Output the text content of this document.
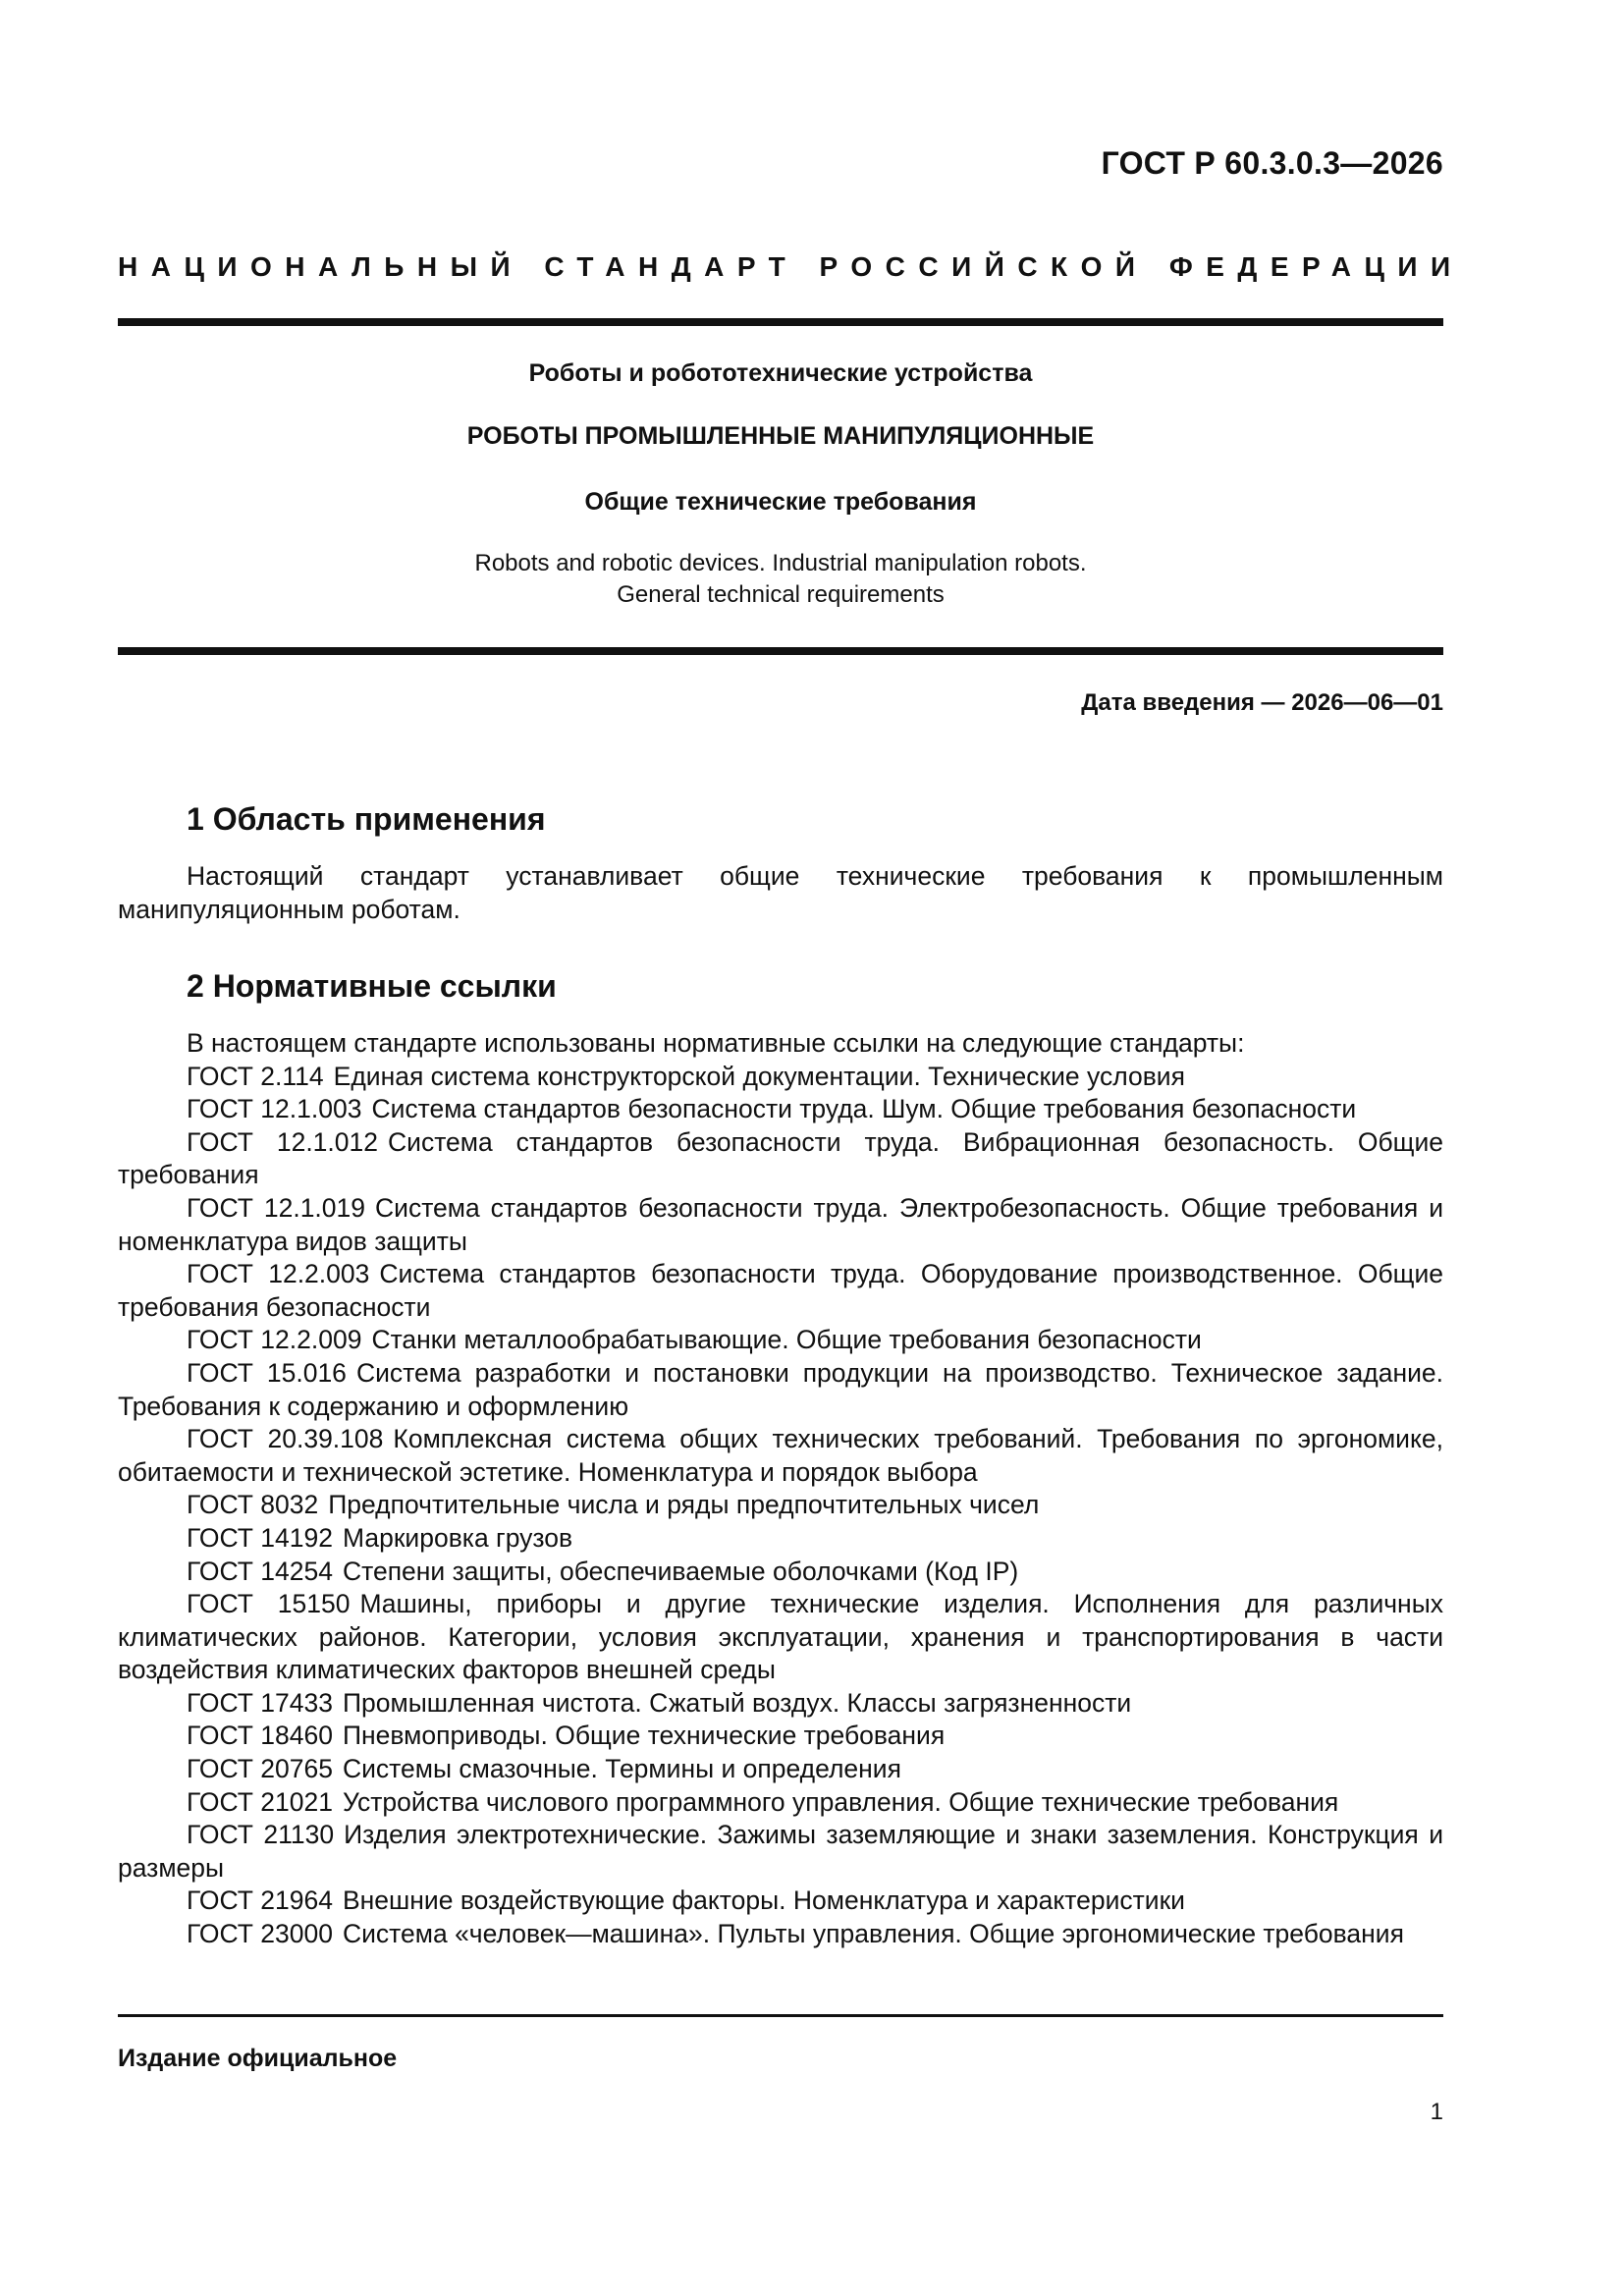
ГОСТ Р 60.3.0.3—2026
НАЦИОНАЛЬНЫЙ СТАНДАРТ РОССИЙСКОЙ ФЕДЕРАЦИИ
Роботы и робототехнические устройства
РОБОТЫ ПРОМЫШЛЕННЫЕ МАНИПУЛЯЦИОННЫЕ
Общие технические требования
Robots and robotic devices. Industrial manipulation robots.
General technical requirements
Дата введения — 2026—06—01
1 Область применения

Настоящий стандарт устанавливает общие технические требования к промышленным манипуляционным роботам.

2 Нормативные ссылки

В настоящем стандарте использованы нормативные ссылки на следующие стандарты:

ГОСТ 2.114 Единая система конструкторской документации. Технические условия

ГОСТ 12.1.003 Система стандартов безопасности труда. Шум. Общие требования безопасности

ГОСТ 12.1.012 Система стандартов безопасности труда. Вибрационная безопасность. Общие требования

ГОСТ 12.1.019 Система стандартов безопасности труда. Электробезопасность. Общие требования и номенклатура видов защиты

ГОСТ 12.2.003 Система стандартов безопасности труда. Оборудование производственное. Общие требования безопасности

ГОСТ 12.2.009 Станки металлообрабатывающие. Общие требования безопасности

ГОСТ 15.016 Система разработки и постановки продукции на производство. Техническое задание. Требования к содержанию и оформлению

ГОСТ 20.39.108 Комплексная система общих технических требований. Требования по эргономике, обитаемости и технической эстетике. Номенклатура и порядок выбора

ГОСТ 8032 Предпочтительные числа и ряды предпочтительных чисел

ГОСТ 14192 Маркировка грузов

ГОСТ 14254 Степени защиты, обеспечиваемые оболочками (Код IP)

ГОСТ 15150 Машины, приборы и другие технические изделия. Исполнения для различных климатических районов. Категории, условия эксплуатации, хранения и транспортирования в части воздействия климатических факторов внешней среды

ГОСТ 17433 Промышленная чистота. Сжатый воздух. Классы загрязненности

ГОСТ 18460 Пневмоприводы. Общие технические требования

ГОСТ 20765 Системы смазочные. Термины и определения

ГОСТ 21021 Устройства числового программного управления. Общие технические требования

ГОСТ 21130 Изделия электротехнические. Зажимы заземляющие и знаки заземления. Конструкция и размеры

ГОСТ 21964 Внешние воздействующие факторы. Номенклатура и характеристики

ГОСТ 23000 Система «человек—машина». Пульты управления. Общие эргономические требования

Издание официальное
1
